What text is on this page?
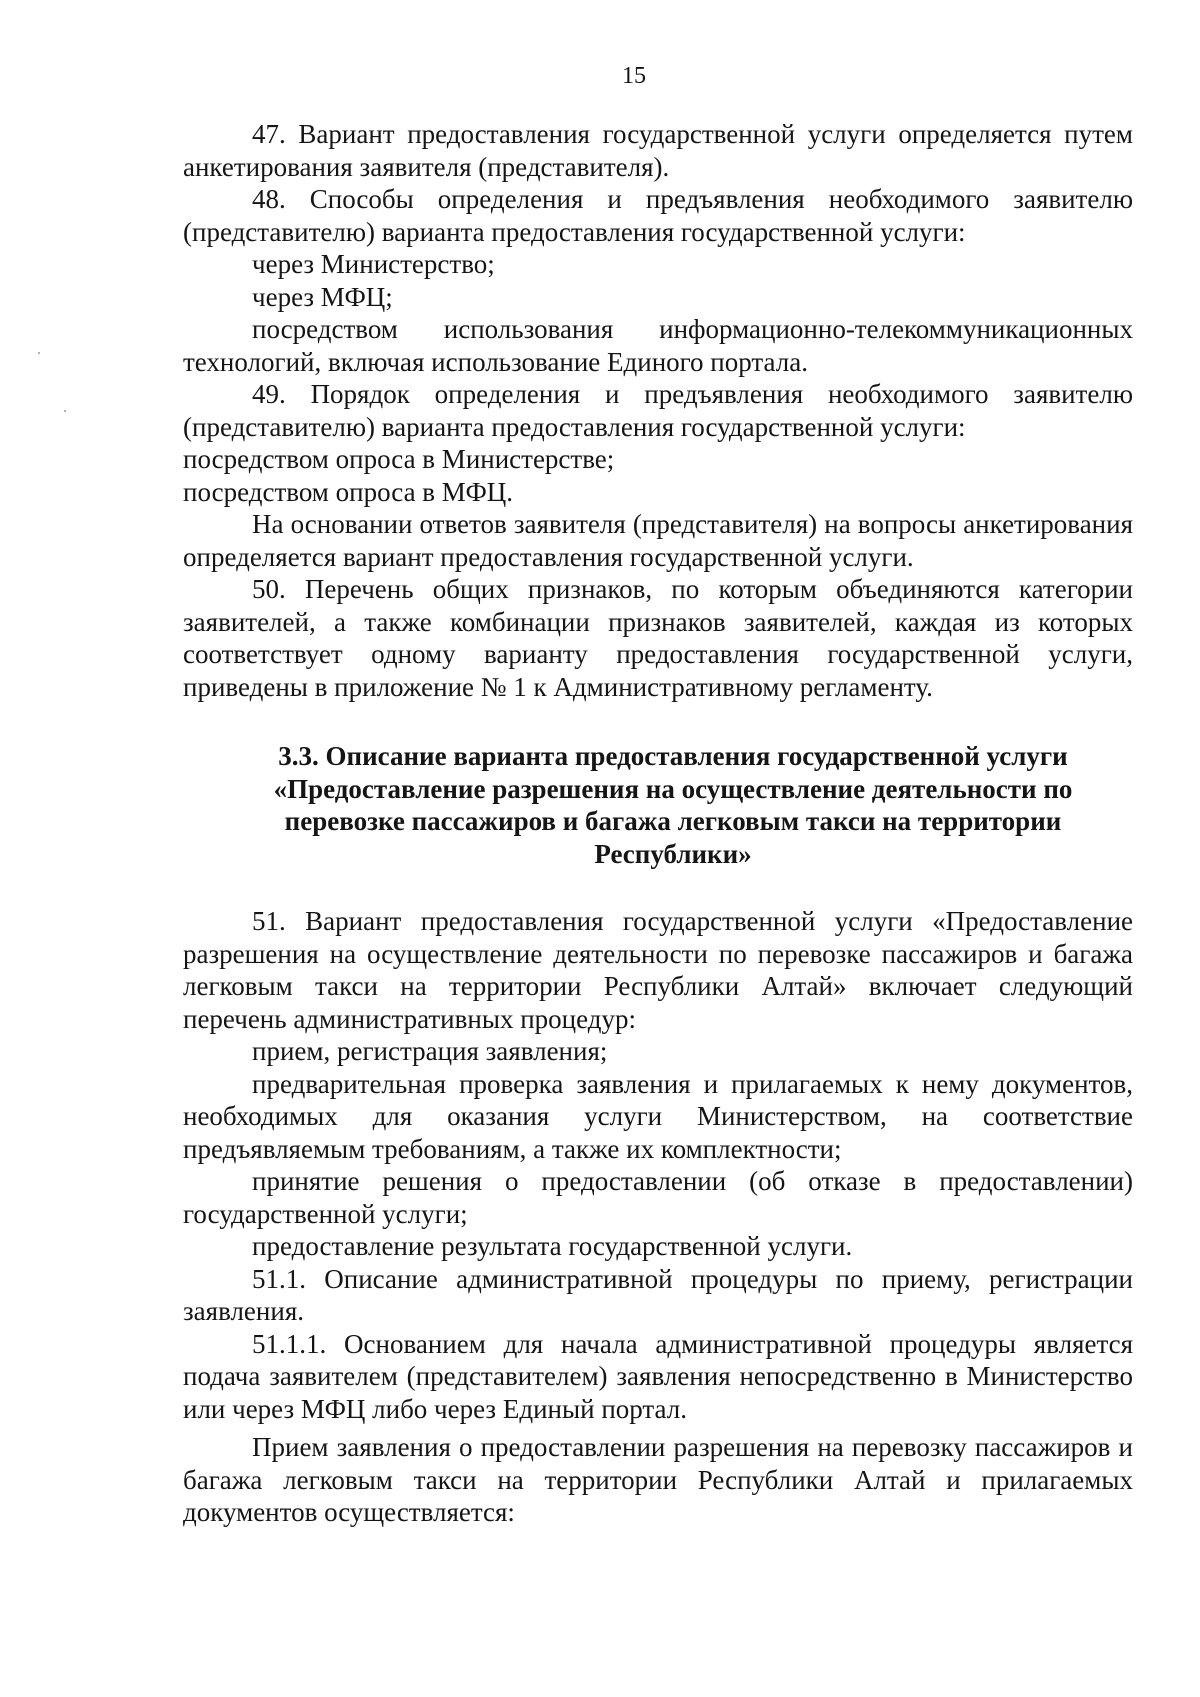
15

47. Вариант предоставления государственной услуги определяется путем анкетирования заявителя (представителя).

48. Способы определения и предъявления необходимого заявителю (представителю) варианта предоставления государственной услуги:

через Министерство;

через МФЦ;

посредством использования информационно-телекоммуникационных технологий, включая использование Единого портала.

49. Порядок определения и предъявления необходимого заявителю (представителю) варианта предоставления государственной услуги:

посредством опроса в Министерстве;

посредством опроса в МФЦ.

На основании ответов заявителя (представителя) на вопросы анкетирования определяется вариант предоставления государственной услуги.

50. Перечень общих признаков, по которым объединяются категории заявителей, а также комбинации признаков заявителей, каждая из которых соответствует одному варианту предоставления государственной услуги, приведены в приложение № 1 к Административному регламенту.

3.3. Описание варианта предоставления государственной услуги
«Предоставление разрешения на осуществление деятельности по
перевозке пассажиров и багажа легковым такси на территории
Республики»

51. Вариант предоставления государственной услуги «Предоставление разрешения на осуществление деятельности по перевозке пассажиров и багажа легковым такси на территории Республики Алтай» включает следующий перечень административных процедур:

прием, регистрация заявления;

предварительная проверка заявления и прилагаемых к нему документов, необходимых для оказания услуги Министерством, на соответствие предъявляемым требованиям, а также их комплектности;

принятие решения о предоставлении (об отказе в предоставлении) государственной услуги;

предоставление результата государственной услуги.

51.1. Описание административной процедуры по приему, регистрации заявления.

51.1.1. Основанием для начала административной процедуры является подача заявителем (представителем) заявления непосредственно в Министерство или через МФЦ либо через Единый портал.

Прием заявления о предоставлении разрешения на перевозку пассажиров и багажа легковым такси на территории Республики Алтай и прилагаемых документов осуществляется:
